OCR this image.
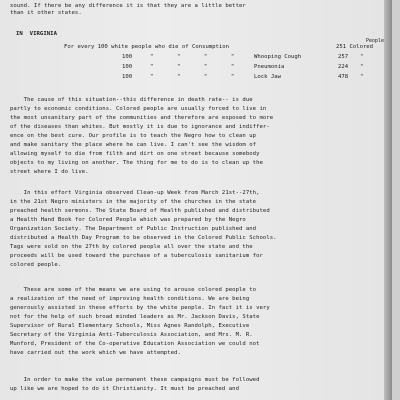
sound. If there be any difference it is that they are a little better
than it other states.
IN  VIRGINIA
People
For every 100 white people who die of Consumption	251 Colored
100	"       "       "       "	Whooping Cough	257 "
100	"       "       "       "	Pneumonia	224 "
100	"       "       "       "	Lock Jaw	478 "
The cause of this situation--this difference in death rate-- is due
partly to economic conditions. Colored people are usually forced to live in
the most unsanitary part of the communities and therefore are exposed to more
of the diseases than whites. But mostly it is due to ignorance and indiffer-
ence on the best cure. Our profile is to teach the Negro how to clean up
and make sanitary the place where he can live. I can't see the wisdom of
allowing myself to die from filth and dirt on one street because somebody
objects to my living on another. The thing for me to do is to clean up the
street where I do live.
In this effort Virginia observed Clean-up Week from March 21st--27th,
in the 21st Negro ministers in the majority of the churches in the state
preached health sermons. The State Board of Health published and distributed
a Health Hand Book for Colored People which was prepared by the Negro
Organization Society. The Department of Public Instruction published and
distributed a Health Day Program to be observed in the Colored Public Schools.
Tags were sold on the 27th by colored people all over the state and the
proceeds will be used toward the purchase of a tuberculosis sanitarium for
colored people.
These are some of the means we are using to arouse colored people to
a realization of the need of improving health conditions. We are being
generously assisted in these efforts by the white people. In fact it is very
not for the help of such broad minded leaders as Mr. Jackson Davis, State
Supervisor of Rural Elementary Schools, Miss Agnes Randolph, Executive
Secretary of the Virginia Anti-Tuberculosis Association, and Mrs. M. R.
Munford, President of the Co-operative Education Association we could not
have carried out the work which we have attempted.
In order to make the value permanent these campaigns must be followed
up like we are hoped to do it Christianity. It must be preached and
